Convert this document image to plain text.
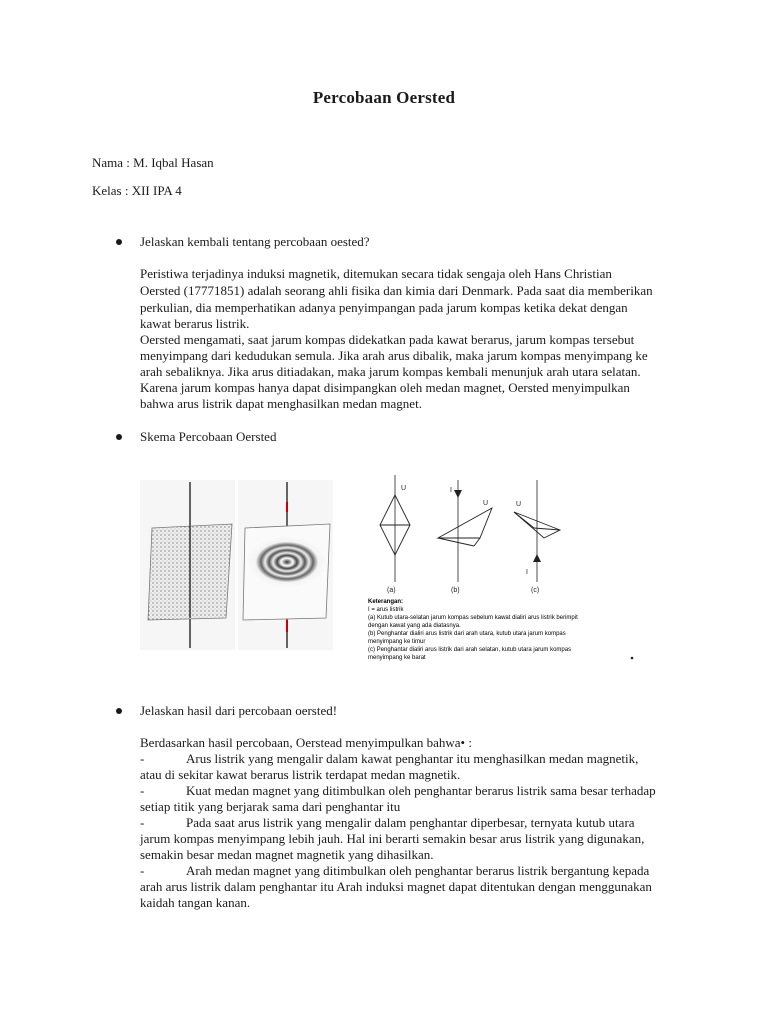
Percobaan Oersted
Nama : M. Iqbal Hasan
Kelas : XII IPA 4
Jelaskan kembali tentang percobaan oested?
Peristiwa terjadinya induksi magnetik, ditemukan secara tidak sengaja oleh Hans Christian
Oersted (17771851) adalah seorang ahli fisika dan kimia dari Denmark. Pada saat dia memberikan
perkulian, dia memperhatikan adanya penyimpangan pada jarum kompas ketika dekat dengan
kawat berarus listrik.
Oersted mengamati, saat jarum kompas didekatkan pada kawat berarus, jarum kompas tersebut
menyimpang dari kedudukan semula. Jika arah arus dibalik, maka jarum kompas menyimpang ke
arah sebaliknya. Jika arus ditiadakan, maka jarum kompas kembali menunjuk arah utara selatan.
Karena jarum kompas hanya dapat disimpangkan oleh medan magnet, Oersted menyimpulkan
bahwa arus listrik dapat menghasilkan medan magnet.
Skema Percobaan Oersted
U
(a)
I
U
(b)
U
I
(c)
Keterangan:
I = arus listrik
(a) Kutub utara-selatan jarum kompas sebelum kawat dialiri arus listrik berimpit
dengan kawat yang ada diatasnya.
(b) Penghantar dialiri arus listrik dari arah utara, kutub utara jarum kompas
menyimpang ke timur
(c) Penghantar dialiri arus listrik dari arah selatan, kutub utara jarum kompas
menyimpang ke barat
Jelaskan hasil dari percobaan oersted!
Berdasarkan hasil percobaan, Oerstead menyimpulkan bahwa• :
-	Arus listrik yang mengalir dalam kawat penghantar itu menghasilkan medan magnetik,
atau di sekitar kawat berarus listrik terdapat medan magnetik.
-	Kuat medan magnet yang ditimbulkan oleh penghantar berarus listrik sama besar terhadap
setiap titik yang berjarak sama dari penghantar itu
-	Pada saat arus listrik yang mengalir dalam penghantar diperbesar, ternyata kutub utara
jarum kompas menyimpang lebih jauh. Hal ini berarti semakin besar arus listrik yang digunakan,
semakin besar medan magnet magnetik yang dihasilkan.
-	Arah medan magnet yang ditimbulkan oleh penghantar berarus listrik bergantung kepada
arah arus listrik dalam penghantar itu Arah induksi magnet dapat ditentukan dengan menggunakan
kaidah tangan kanan.
